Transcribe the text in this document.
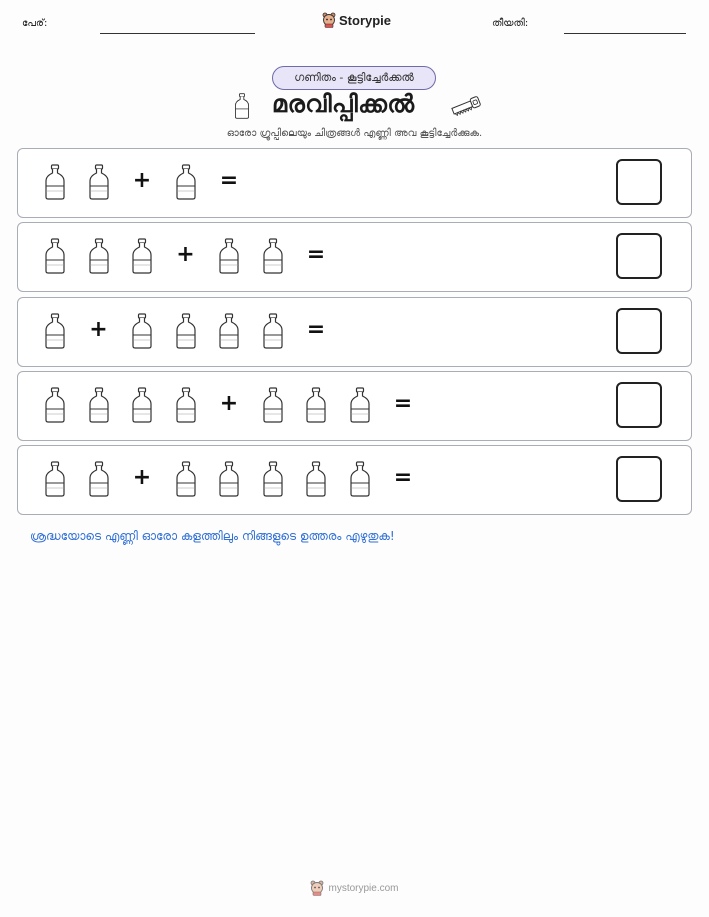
പേര്:	Storypie	തീയതി:
ഗണിതം - കൂട്ടിച്ചേർക്കൽ
മരവിപ്പിക്കൽ
ഓരോ ഗ്രൂപ്പിലെയും ചിത്രങ്ങൾ എണ്ണി അവ കൂട്ടിച്ചേർക്കുക.
+	=
+	=
+	=
+	=
+	=
ശ്രദ്ധയോടെ എണ്ണി ഓരോ കളത്തിലും നിങ്ങളുടെ ഉത്തരം എഴുതുക!
mystorypie.com
